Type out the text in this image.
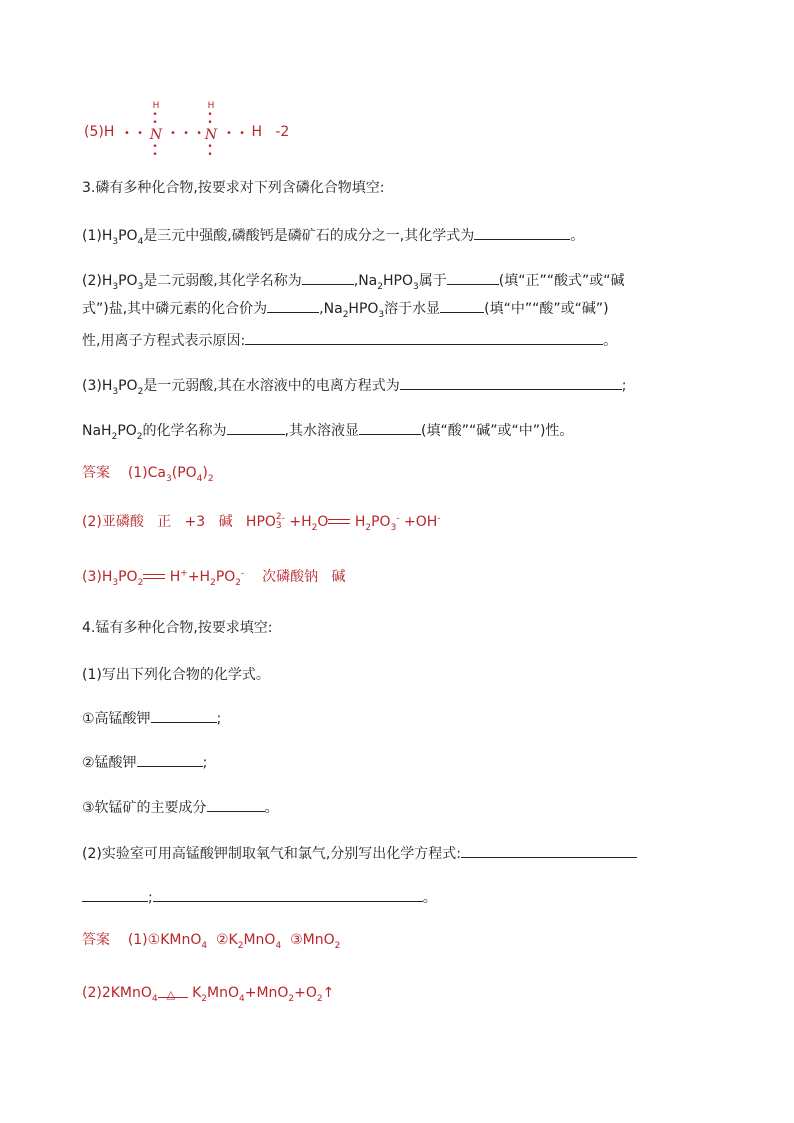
(5)H  • •
H
• •
N
• •
• • •
H
• •
N
• •
• • H -2
3.磷有多种化合物,按要求对下列含磷化合物填空:
$(1)H_3PO_4$是三元中强酸,磷酸钙是磷矿石的成分之一,其化学式为	。
$(2)H_3PO_3$是二元弱酸,其化学名称为	$,Na_2HPO_3$属于	(填“正”“酸式”或“碱
式”)盐,其中磷元素的化合价为	$,Na_2HPO_3$溶于水显	(填“中”“酸”或“碱”)
性,用离子方程式表示原因:	。
$(3)H_3PO_2$是一元弱酸,其在水溶液中的电离方程式为	;
$NaH_2PO_2$的化学名称为	,其水溶液显	(填“酸”“碱”或“中”)性。
答案 $(1)Ca_3(PO_4)_2$
(2)亚磷酸 正 +3 碱 HPO 2
3
$^- +H_2O$ $H_2PO_3^- +OH^-$
$(3)H_3PO_2$ $H^++H_2PO_2^-$ 次磷酸钠 碱
4.锰有多种化合物,按要求填空:
(1)写出下列化合物的化学式。
①高锰酸钾	;
②锰酸钾	;
③软锰矿的主要成分	。
(2)实验室可用高锰酸钾制取氧气和氯气,分别写出化学方程式:
;	。
答案 (1)①KMnO$_4$ $②K_2MnO_4$ ③MnO$_2$
(2)2KMnO$_4$ △ $K_2MnO_4+MnO_2+O_2↑$
